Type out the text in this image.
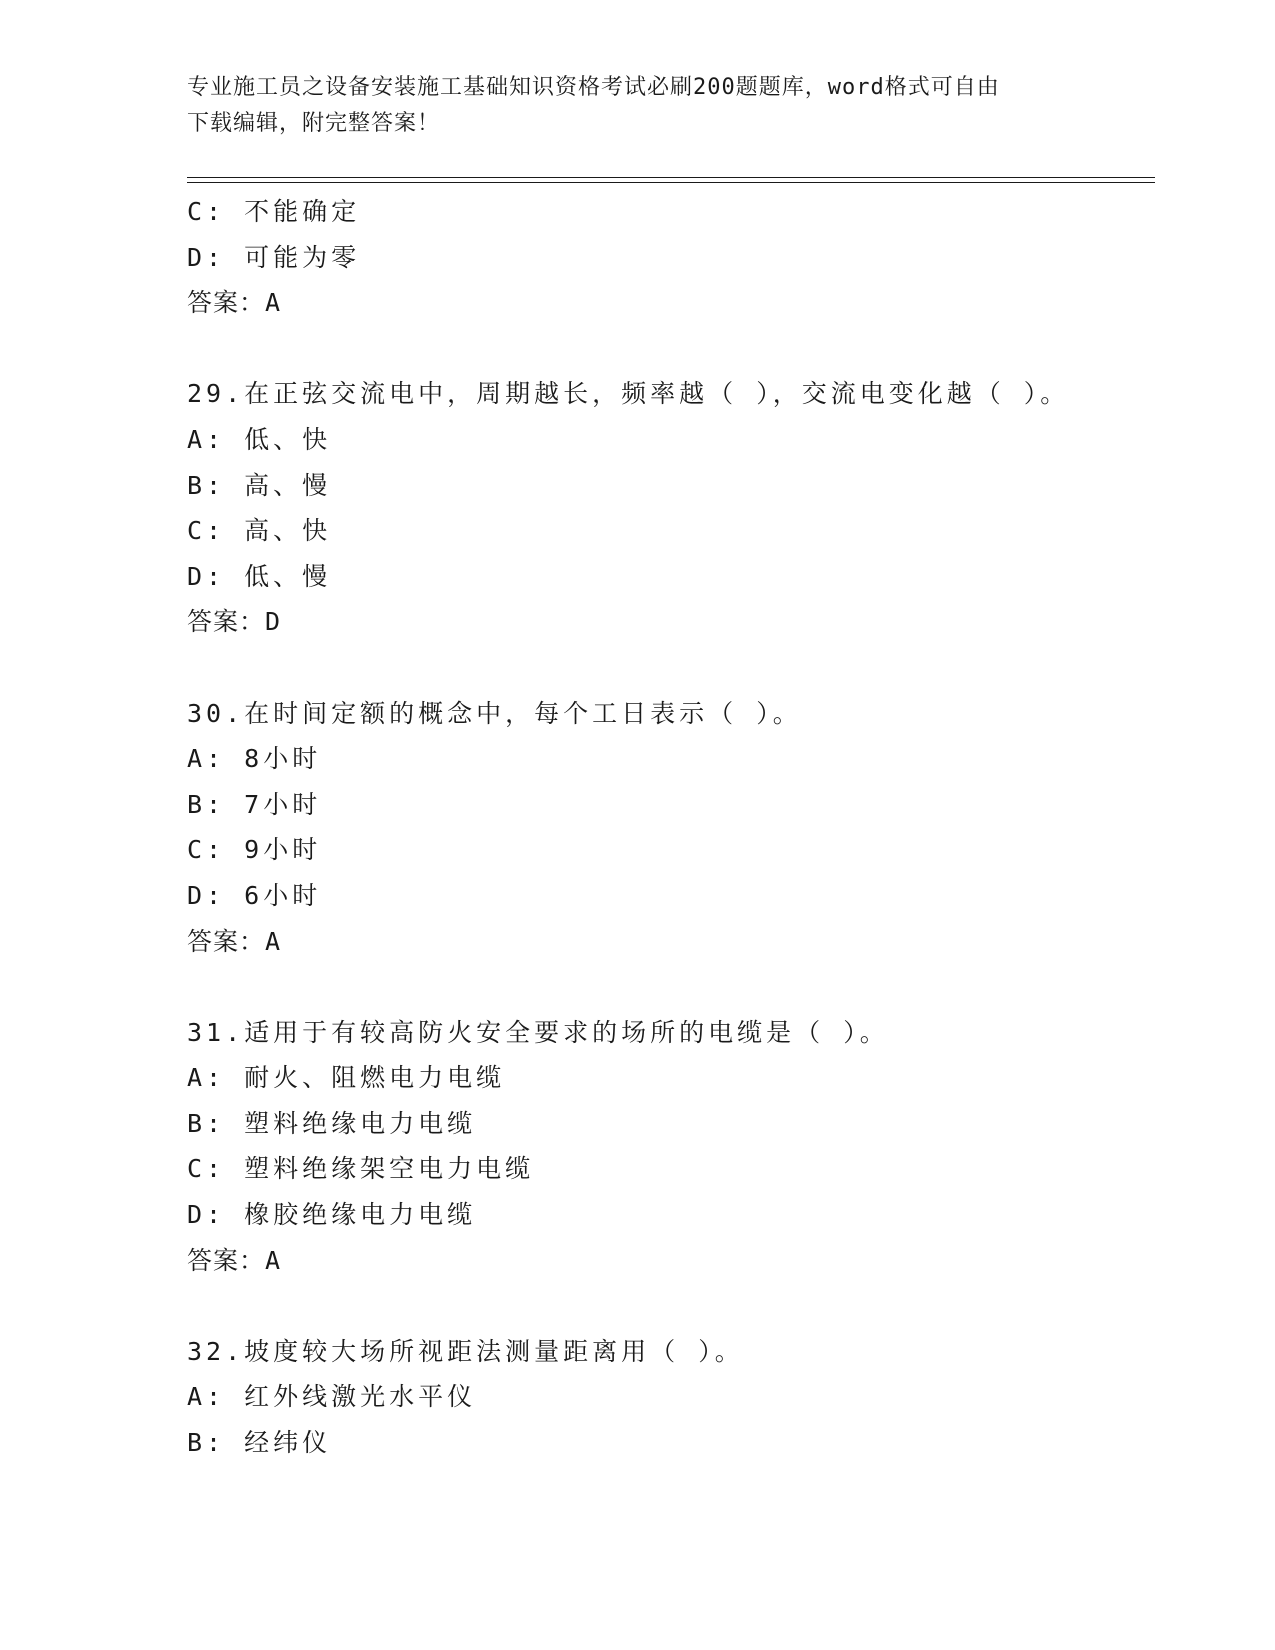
专业施工员之设备安装施工基础知识资格考试必刷200题题库，word格式可自由
下载编辑，附完整答案！
C: 不能确定
D: 可能为零
答案：A
29.在正弦交流电中，周期越长，频率越（ ），交流电变化越（ ）。
A: 低、快
B: 高、慢
C: 高、快
D: 低、慢
答案：D
30.在时间定额的概念中，每个工日表示（ ）。
A: 8小时
B: 7小时
C: 9小时
D: 6小时
答案：A
31.适用于有较高防火安全要求的场所的电缆是（ ）。
A: 耐火、阻燃电力电缆
B: 塑料绝缘电力电缆
C: 塑料绝缘架空电力电缆
D: 橡胶绝缘电力电缆
答案：A
32.坡度较大场所视距法测量距离用（ ）。
A: 红外线激光水平仪
B: 经纬仪
